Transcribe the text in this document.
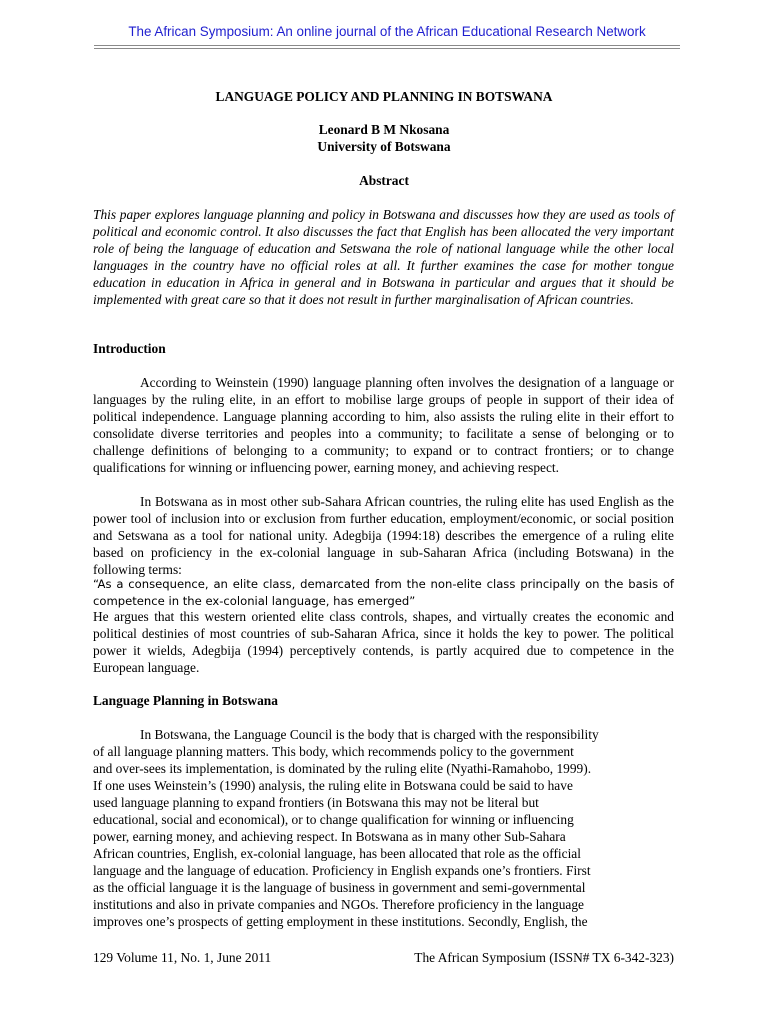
The African Symposium: An online journal of the African Educational Research Network
LANGUAGE POLICY AND PLANNING IN BOTSWANA
Leonard B M Nkosana
University of Botswana
Abstract
This paper explores language planning and policy in Botswana and discusses how they are used as tools of political and economic control. It also discusses the fact that English has been allocated the very important role of being the language of education and Setswana the role of national language while the other local languages in the country have no official roles at all. It further examines the case for mother tongue education in education in Africa in general and in Botswana in particular and argues that it should be implemented with great care so that it does not result in further marginalisation of African countries.
Introduction
According to Weinstein (1990) language planning often involves the designation of a language or languages by the ruling elite, in an effort to mobilise large groups of people in support of their idea of political independence. Language planning according to him, also assists the ruling elite in their effort to consolidate diverse territories and peoples into a community; to facilitate a sense of belonging or to challenge definitions of belonging to a community; to expand or to contract frontiers; or to change qualifications for winning or influencing power, earning money, and achieving respect.
In Botswana as in most other sub-Sahara African countries, the ruling elite has used English as the power tool of inclusion into or exclusion from further education, employment/economic, or social position and Setswana as a tool for national unity. Adegbija (1994:18) describes the emergence of a ruling elite based on proficiency in the ex-colonial language in sub-Saharan Africa (including Botswana) in the following terms:
“As a consequence, an elite class, demarcated from the non-elite class principally on the basis of competence in the ex-colonial language, has emerged”
He argues that this western oriented elite class controls, shapes, and virtually creates the economic and political destinies of most countries of sub-Saharan Africa, since it holds the key to power. The political power it wields, Adegbija (1994) perceptively contends, is partly acquired due to competence in the European language.
Language Planning in Botswana
In Botswana, the Language Council is the body that is charged with the responsibility
of all language planning matters. This body, which recommends policy to the government
and over-sees its implementation, is dominated by the ruling elite (Nyathi-Ramahobo, 1999).
If one uses Weinstein’s (1990) analysis, the ruling elite in Botswana could be said to have
used language planning to expand frontiers (in Botswana this may not be literal but
educational, social and economical), or to change qualification for winning or influencing
power, earning money, and achieving respect. In Botswana as in many other Sub-Sahara
African countries, English, ex-colonial language, has been allocated that role as the official
language and the language of education. Proficiency in English expands one’s frontiers. First
as the official language it is the language of business in government and semi-governmental
institutions and also in private companies and NGOs. Therefore proficiency in the language
improves one’s prospects of getting employment in these institutions. Secondly, English, the
129 Volume 11, No. 1, June 2011	The African Symposium (ISSN# TX 6-342-323)
